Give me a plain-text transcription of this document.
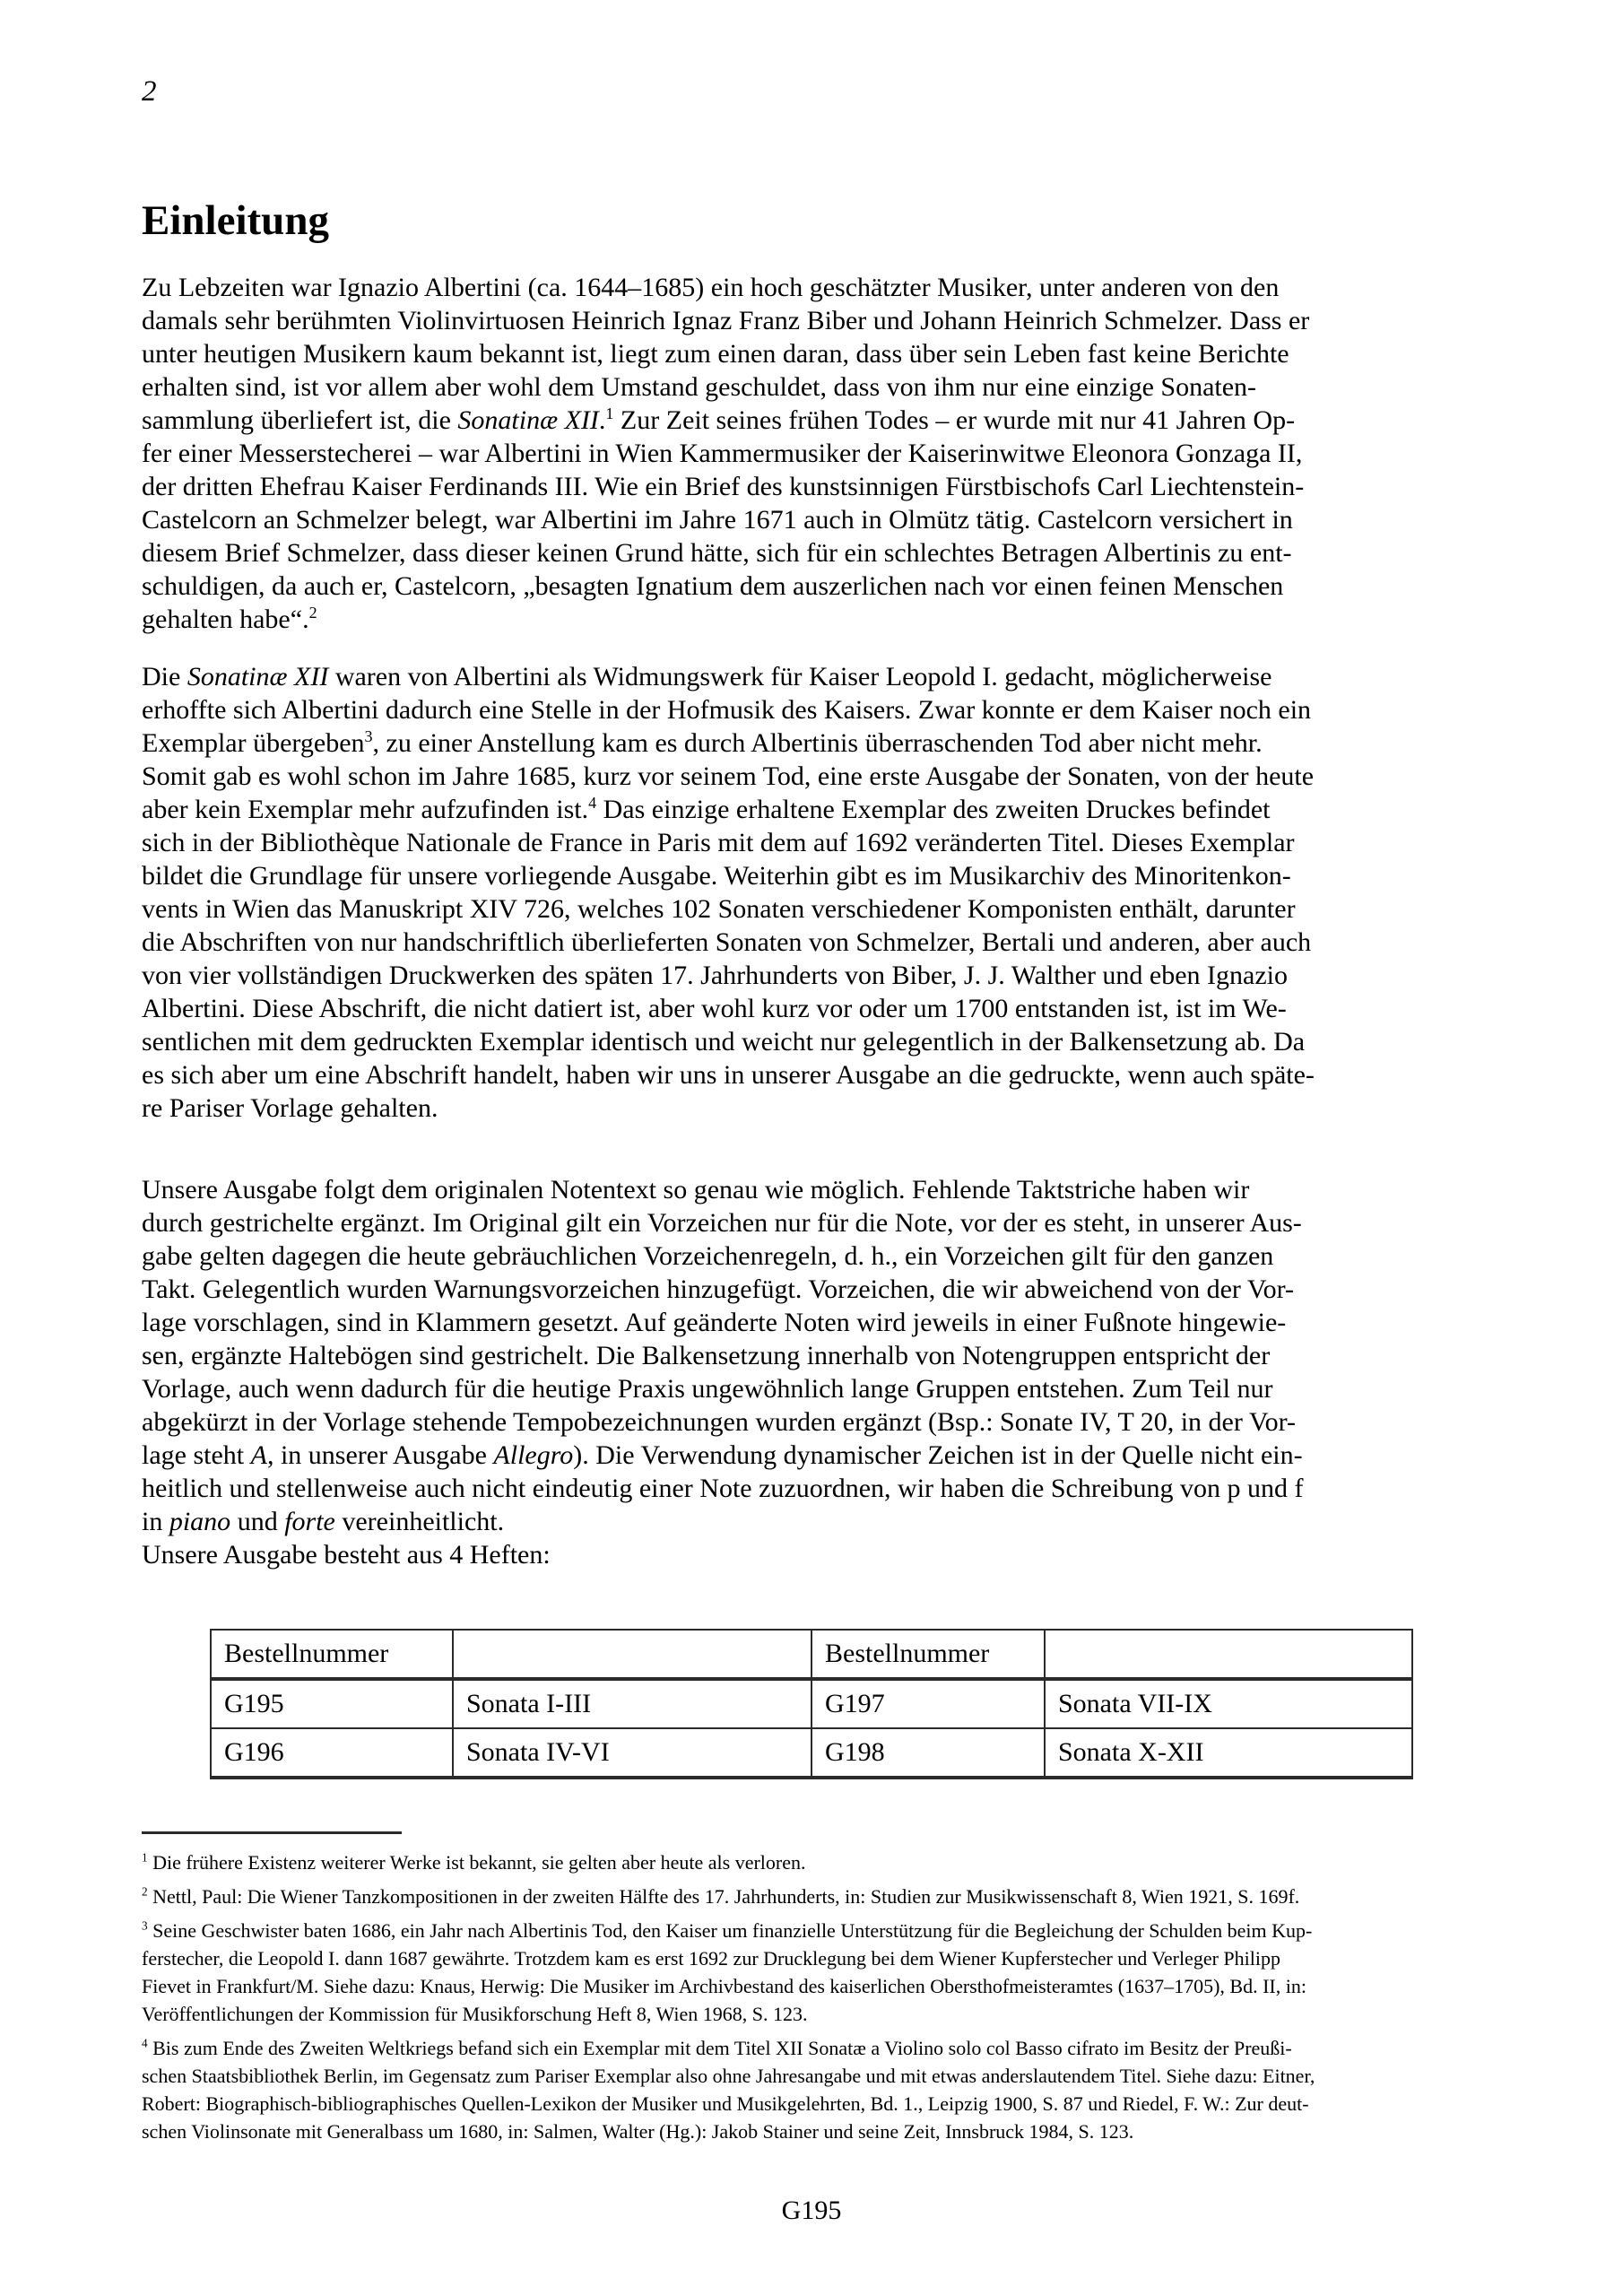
2
Einleitung
Zu Lebzeiten war Ignazio Albertini (ca. 1644–1685) ein hoch geschätzter Musiker, unter anderen von den
damals sehr berühmten Violinvirtuosen Heinrich Ignaz Franz Biber und Johann Heinrich Schmelzer. Dass er
unter heutigen Musikern kaum bekannt ist, liegt zum einen daran, dass über sein Leben fast keine Berichte
erhalten sind, ist vor allem aber wohl dem Umstand geschuldet, dass von ihm nur eine einzige Sonaten-
sammlung überliefert ist, die Sonatinæ XII.$^1$ Zur Zeit seines frühen Todes – er wurde mit nur 41 Jahren Op-
fer einer Messerstecherei – war Albertini in Wien Kammermusiker der Kaiserinwitwe Eleonora Gonzaga II,
der dritten Ehefrau Kaiser Ferdinands III. Wie ein Brief des kunstsinnigen Fürstbischofs Carl Liechtenstein-
Castelcorn an Schmelzer belegt, war Albertini im Jahre 1671 auch in Olmütz tätig. Castelcorn versichert in
diesem Brief Schmelzer, dass dieser keinen Grund hätte, sich für ein schlechtes Betragen Albertinis zu ent-
schuldigen, da auch er, Castelcorn, „besagten Ignatium dem auszerlichen nach vor einen feinen Menschen
gehalten habe“.$^2$
Die Sonatinæ XII waren von Albertini als Widmungswerk für Kaiser Leopold I. gedacht, möglicherweise
erhoffte sich Albertini dadurch eine Stelle in der Hofmusik des Kaisers. Zwar konnte er dem Kaiser noch ein
Exemplar übergeben$^3$, zu einer Anstellung kam es durch Albertinis überraschenden Tod aber nicht mehr.
Somit gab es wohl schon im Jahre 1685, kurz vor seinem Tod, eine erste Ausgabe der Sonaten, von der heute
aber kein Exemplar mehr aufzufinden ist.$^4$ Das einzige erhaltene Exemplar des zweiten Druckes befindet
sich in der Bibliothèque Nationale de France in Paris mit dem auf 1692 veränderten Titel. Dieses Exemplar
bildet die Grundlage für unsere vorliegende Ausgabe. Weiterhin gibt es im Musikarchiv des Minoritenkon-
vents in Wien das Manuskript XIV 726, welches 102 Sonaten verschiedener Komponisten enthält, darunter
die Abschriften von nur handschriftlich überlieferten Sonaten von Schmelzer, Bertali und anderen, aber auch
von vier vollständigen Druckwerken des späten 17. Jahrhunderts von Biber, J. J. Walther und eben Ignazio
Albertini. Diese Abschrift, die nicht datiert ist, aber wohl kurz vor oder um 1700 entstanden ist, ist im We-
sentlichen mit dem gedruckten Exemplar identisch und weicht nur gelegentlich in der Balkensetzung ab. Da
es sich aber um eine Abschrift handelt, haben wir uns in unserer Ausgabe an die gedruckte, wenn auch späte-
re Pariser Vorlage gehalten.
Unsere Ausgabe folgt dem originalen Notentext so genau wie möglich. Fehlende Taktstriche haben wir
durch gestrichelte ergänzt. Im Original gilt ein Vorzeichen nur für die Note, vor der es steht, in unserer Aus-
gabe gelten dagegen die heute gebräuchlichen Vorzeichenregeln, d. h., ein Vorzeichen gilt für den ganzen
Takt. Gelegentlich wurden Warnungsvorzeichen hinzugefügt. Vorzeichen, die wir abweichend von der Vor-
lage vorschlagen, sind in Klammern gesetzt. Auf geänderte Noten wird jeweils in einer Fußnote hingewie-
sen, ergänzte Haltebögen sind gestrichelt. Die Balkensetzung innerhalb von Notengruppen entspricht der
Vorlage, auch wenn dadurch für die heutige Praxis ungewöhnlich lange Gruppen entstehen. Zum Teil nur
abgekürzt in der Vorlage stehende Tempobezeichnungen wurden ergänzt (Bsp.: Sonate IV, T 20, in der Vor-
lage steht A, in unserer Ausgabe Allegro). Die Verwendung dynamischer Zeichen ist in der Quelle nicht ein-
heitlich und stellenweise auch nicht eindeutig einer Note zuzuordnen, wir haben die Schreibung von p und f
in piano und forte vereinheitlicht.
Unsere Ausgabe besteht aus 4 Heften:
Bestellnummer		Bestellnummer	
G195	Sonata I-III	G197	Sonata VII-IX
G196	Sonata IV-VI	G198	Sonata X-XII
$^1$ Die frühere Existenz weiterer Werke ist bekannt, sie gelten aber heute als verloren.
$^2$ Nettl, Paul: Die Wiener Tanzkompositionen in der zweiten Hälfte des 17. Jahrhunderts, in: Studien zur Musikwissenschaft 8, Wien 1921, S. 169f.
$^3$ Seine Geschwister baten 1686, ein Jahr nach Albertinis Tod, den Kaiser um finanzielle Unterstützung für die Begleichung der Schulden beim Kup-
ferstecher, die Leopold I. dann 1687 gewährte. Trotzdem kam es erst 1692 zur Drucklegung bei dem Wiener Kupferstecher und Verleger Philipp
Fievet in Frankfurt/M. Siehe dazu: Knaus, Herwig: Die Musiker im Archivbestand des kaiserlichen Obersthofmeisteramtes (1637–1705), Bd. II, in:
Veröffentlichungen der Kommission für Musikforschung Heft 8, Wien 1968, S. 123.
$^4$ Bis zum Ende des Zweiten Weltkriegs befand sich ein Exemplar mit dem Titel XII Sonatæ a Violino solo col Basso cifrato im Besitz der Preußi-
schen Staatsbibliothek Berlin, im Gegensatz zum Pariser Exemplar also ohne Jahresangabe und mit etwas anderslautendem Titel. Siehe dazu: Eitner,
Robert: Biographisch-bibliographisches Quellen-Lexikon der Musiker und Musikgelehrten, Bd. 1., Leipzig 1900, S. 87 und Riedel, F. W.: Zur deut-
schen Violinsonate mit Generalbass um 1680, in: Salmen, Walter (Hg.): Jakob Stainer und seine Zeit, Innsbruck 1984, S. 123.
G195
